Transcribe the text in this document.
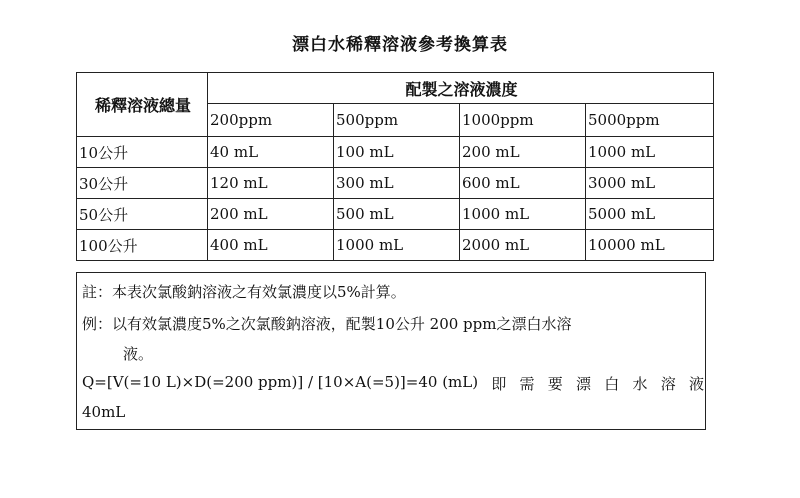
漂白水稀釋溶液參考換算表
稀釋溶液總量	配製之溶液濃度			
	200ppm	500ppm	1000ppm	5000ppm
10公升	40 mL	100 mL	200 mL	1000 mL
30公升	120 mL	300 mL	600 mL	3000 mL
50公升	200 mL	500 mL	1000 mL	5000 mL
100公升	400 mL	1000 mL	2000 mL	10000 mL
註：本表次氯酸鈉溶液之有效氯濃度以5%計算。
例：以有效氯濃度5%之次氯酸鈉溶液，配製10公升 200 ppm之漂白水溶
液。
Q=[V(=10 L)×D(=200 ppm)] / [10×A(=5)]=40 (mL) 即 需 要 漂 白 水 溶 液
40mL
